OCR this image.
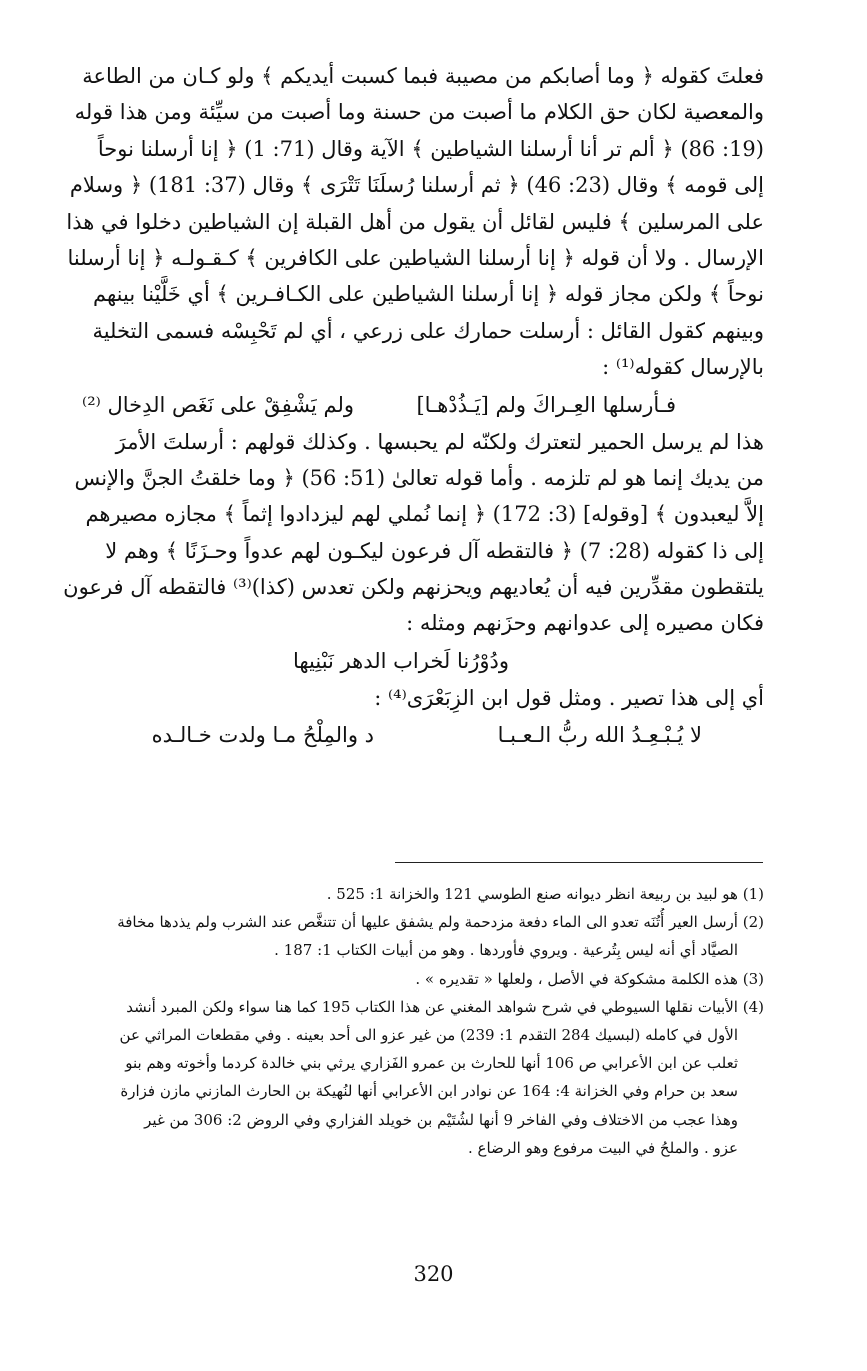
فعلتَ كقوله ﴿ وما أصابكم من مصيبة فبما كسبت أيديكم ﴾ ولو كـان من الطاعة

والمعصية لكان حق الكلام ما أصبت من حسنة وما أصبت من سيِّئة ومن هذا قوله

(19: 86) ﴿ ألم تر أنا أرسلنا الشياطين ﴾ الآية وقال (71: 1) ﴿ إنا أرسلنا نوحاً

إلى قومه ﴾ وقال (23: 46) ﴿ ثم أرسلنا رُسلَنَا تَتْرَى ﴾ وقال (37: 181) ﴿ وسلام

على المرسلين ﴾ فليس لقائل أن يقول من أهل القبلة إن الشياطين دخلوا في هذا

الإرسال . ولا أن قوله ﴿ إنا أرسلنا الشياطين على الكافرين ﴾ كـقـولـه ﴿ إنا أرسلنا

نوحاً ﴾ ولكن مجاز قوله ﴿ إنا أرسلنا الشياطين على الكـافـرين ﴾ أي خَلَّيْنا بينهم

وبينهم كقول القائل : أرسلت حمارك على زرعي ، أي لم تَحْبِسْه فسمى التخلية

بالإرسال كقوله⁽¹⁾ :

فـأرسلها العِـراكَ ولم [يَـذُدْهـا]
ولم يَشْفِقْ على نَغَص الدِخال ⁽²⁾

هذا لم يرسل الحمير لتعترك ولكنّه لم يحبسها . وكذلك قولهم : أرسلتَ الأمرَ

من يديك إنما هو لم تلزمه . وأما قوله تعالىٰ (51: 56) ﴿ وما خلقتُ الجنَّ والإنس

إلاَّ ليعبدون ﴾ [وقوله] (3: 172) ﴿ إنما نُملي لهم ليزدادوا إثماً ﴾ مجازه مصيرهم

إلى ذا كقوله (28: 7) ﴿ فالتقطه آل فرعون ليكـون لهم عدواً وحـزَنًا ﴾ وهم لا

يلتقطون مقدِّرين فيه أن يُعاديهم ويحزنهم ولكن تعدس (كذا)⁽³⁾ فالتقطه آل فرعون

فكان مصيره إلى عدوانهم وحزَنهم ومثله :

ودُوْرُنا لَخراب الدهر نَبْنِيها

أي إلى هذا تصير . ومثل قول ابن الزِبَعْرَى⁽⁴⁾ :

لا يُـبْـعِـدُ الله ربُّ الـعـبـا
د والمِلْحُ مـا ولدت خـالـده

(1) هو لبيد بن ربيعة انظر ديوانه صنع الطوسي 121 والخزانة 1: 525 .

(2) أرسل العير أُتُنَه تعدو الى الماء دفعة مزدحمة ولم يشفق عليها أن تتنغَّص عند الشرب ولم يذدها مخافة

الصيَّاد أي أنه ليس بِتُرعية . ويروي فأوردها . وهو من أبيات الكتاب 1: 187 .

(3) هذه الكلمة مشكوكة في الأصل ، ولعلها « تقديره » .

(4) الأبيات نقلها السيوطي في شرح شواهد المغني عن هذا الكتاب 195 كما هنا سواء ولكن المبرد أنشد

الأول في كامله (لبسيك 284 التقدم 1: 239) من غير عزو الى أحد بعينه . وفي مقطعات المراثي عن

ثعلب عن ابن الأعرابي ص 106 أنها للحارث بن عمرو الفَزاري يرثي بني خالدة كردما وأخوته وهم بنو

سعد بن حرام وفي الخزانة 4: 164 عن نوادر ابن الأعرابي أنها لنُهيكة بن الحارث المازني مازن فزارة

وهذا عجب من الاختلاف وفي الفاخر 9 أنها لشُتَيْم بن خويلد الفزاري وفي الروض 2: 306 من غير

عزو . والملحُ في البيت مرفوع وهو الرضاع .

320
